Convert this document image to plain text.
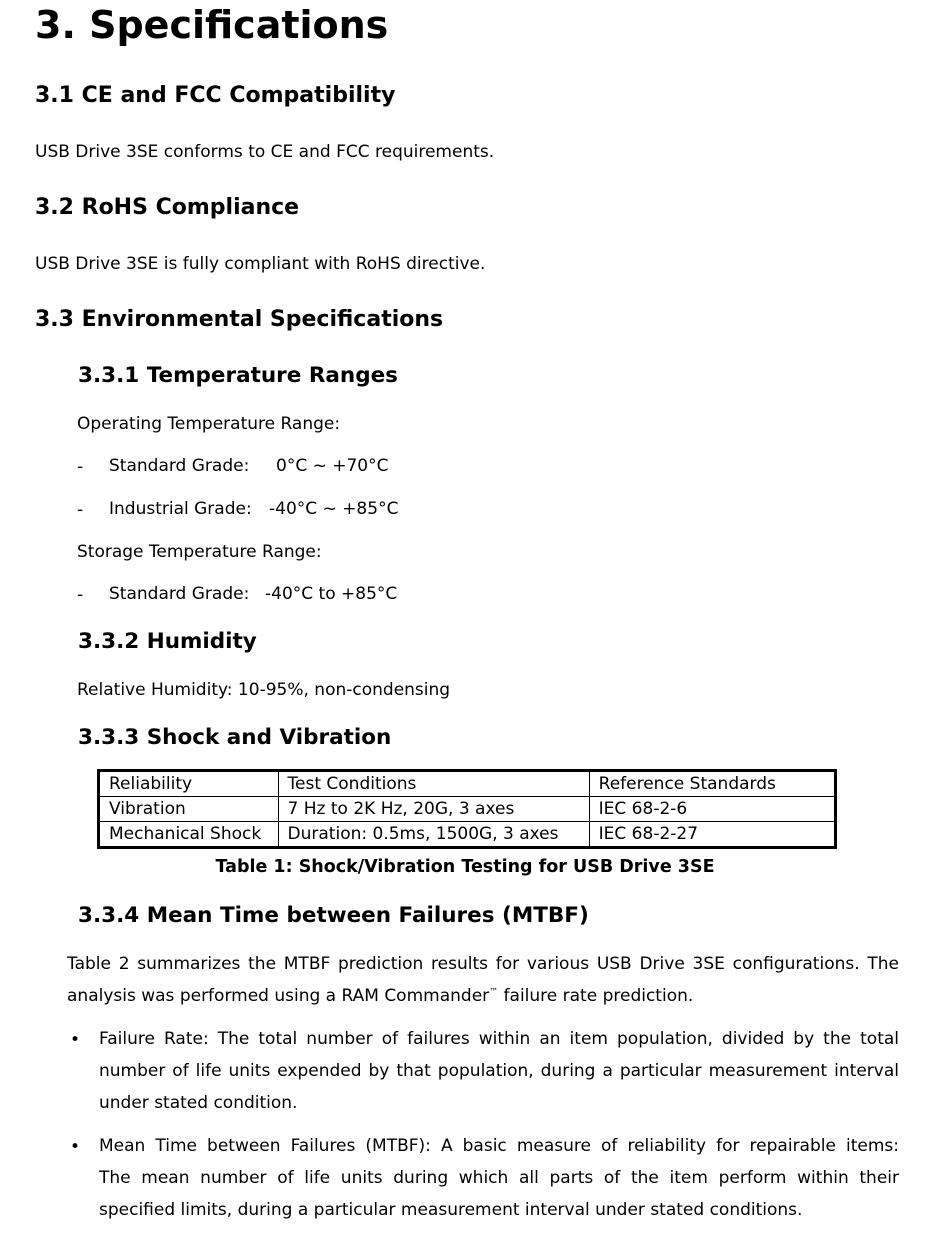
3. Specifications
3.1 CE and FCC Compatibility
USB Drive 3SE conforms to CE and FCC requirements.
3.2 RoHS Compliance
USB Drive 3SE is fully compliant with RoHS directive.
3.3 Environmental Specifications
3.3.1 Temperature Ranges
Operating Temperature Range:
- Standard Grade: 0°C ~ +70°C
- Industrial Grade: -40°C ~ +85°C
Storage Temperature Range:
- Standard Grade: -40°C to +85°C
3.3.2 Humidity
Relative Humidity: 10-95%, non-condensing
3.3.3 Shock and Vibration
Reliability	Test Conditions	Reference Standards
Vibration	7 Hz to 2K Hz, 20G, 3 axes	IEC 68-2-6
Mechanical Shock	Duration: 0.5ms, 1500G, 3 axes	IEC 68-2-27
Table 1: Shock/Vibration Testing for USB Drive 3SE
3.3.4 Mean Time between Failures (MTBF)
Table 2 summarizes the MTBF prediction results for various USB Drive 3SE configurations. The
analysis was performed using a RAM Commander™ failure rate prediction.
• Failure Rate: The total number of failures within an item population, divided by the total
number of life units expended by that population, during a particular measurement interval
under stated condition.
• Mean Time between Failures (MTBF): A basic measure of reliability for repairable items:
The mean number of life units during which all parts of the item perform within their
specified limits, during a particular measurement interval under stated conditions.
